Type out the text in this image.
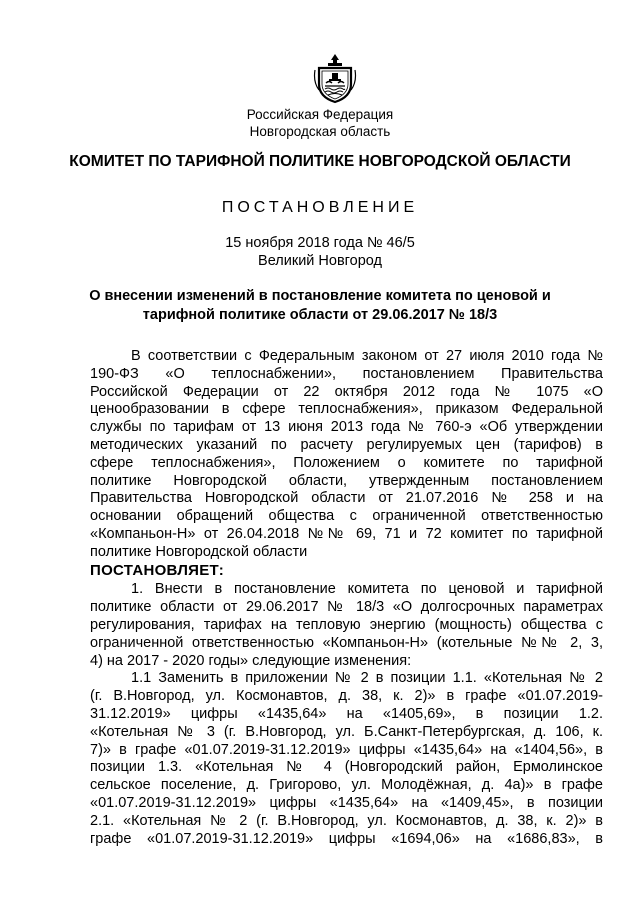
Российская Федерация
Новгородская область
КОМИТЕТ ПО ТАРИФНОЙ ПОЛИТИКЕ НОВГОРОДСКОЙ ОБЛАСТИ
ПОСТАНОВЛЕНИЕ
15 ноября 2018 года № 46/5
Великий Новгород
О внесении изменений в постановление комитета по ценовой и
тарифной политике области от 29.06.2017 № 18/3

В соответствии с Федеральным законом от 27 июля 2010 года №

190-ФЗ «О теплоснабжении», постановлением Правительства

Российской Федерации от 22 октября 2012 года № 1075 «О

ценообразовании в сфере теплоснабжения», приказом Федеральной

службы по тарифам от 13 июня 2013 года № 760-э «Об утверждении

методических указаний по расчету регулируемых цен (тарифов) в

сфере теплоснабжения», Положением о комитете по тарифной

политике Новгородской области, утвержденным постановлением

Правительства Новгородской области от 21.07.2016 № 258 и на

основании обращений общества с ограниченной ответственностью

«Компаньон-Н» от 26.04.2018 №№ 69, 71 и 72 комитет по тарифной

политике Новгородской области

ПОСТАНОВЛЯЕТ:

1. Внести в постановление комитета по ценовой и тарифной

политике области от 29.06.2017 № 18/3 «О долгосрочных параметрах

регулирования, тарифах на тепловую энергию (мощность) общества с

ограниченной ответственностью «Компаньон-Н» (котельные №№ 2, 3,

4) на 2017 - 2020 годы» следующие изменения:

1.1 Заменить в приложении № 2 в позиции 1.1. «Котельная № 2

(г. В.Новгород, ул. Космонавтов, д. 38, к. 2)» в графе «01.07.2019-

31.12.2019» цифры «1435,64» на «1405,69», в позиции 1.2.

«Котельная № 3 (г. В.Новгород, ул. Б.Санкт-Петербургская, д. 106, к.

7)» в графе «01.07.2019-31.12.2019» цифры «1435,64» на «1404,56», в

позиции 1.3. «Котельная № 4 (Новгородский район, Ермолинское

сельское поселение, д. Григорово, ул. Молодёжная, д. 4а)» в графе

«01.07.2019-31.12.2019» цифры «1435,64» на «1409,45», в позиции

2.1. «Котельная № 2 (г. В.Новгород, ул. Космонавтов, д. 38, к. 2)» в

графе «01.07.2019-31.12.2019» цифры «1694,06» на «1686,83», в
